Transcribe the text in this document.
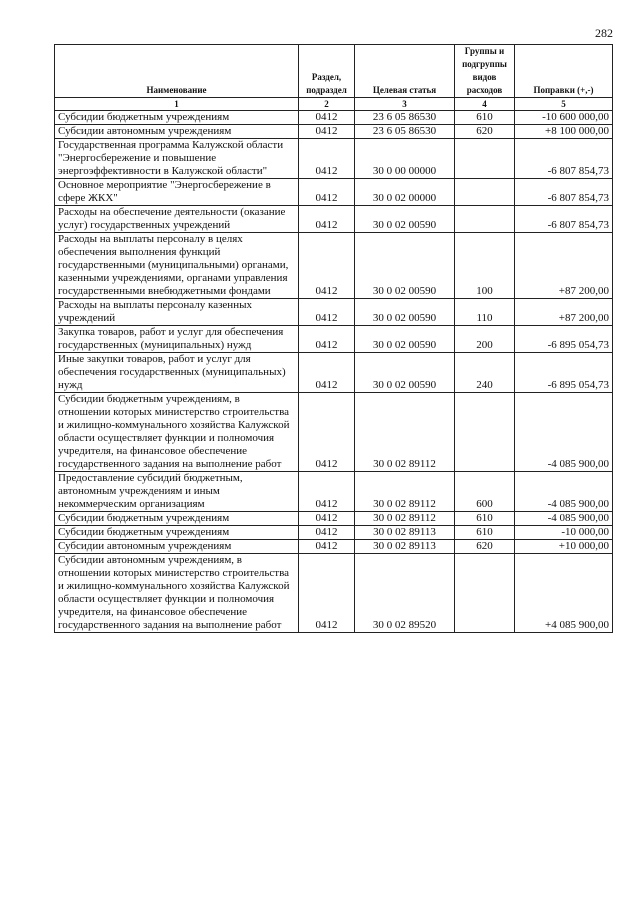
282
Наименование	Раздел, подраздел	Целевая статья	Группы и подгруппы видов расходов	Поправки (+,-)
1	2	3	4	5
Субсидии бюджетным учреждениям	0412	23 6 05 86530	610	-10 600 000,00
Субсидии автономным учреждениям	0412	23 6 05 86530	620	+8 100 000,00
Государственная программа Калужской области "Энергосбережение и повышение энергоэффективности в Калужской области"	0412	30 0 00 00000		-6 807 854,73
Основное мероприятие "Энергосбережение в сфере ЖКХ"	0412	30 0 02 00000		-6 807 854,73
Расходы на обеспечение деятельности (оказание услуг) государственных учреждений	0412	30 0 02 00590		-6 807 854,73
Расходы на выплаты персоналу в целях обеспечения выполнения функций государственными (муниципальными) органами, казенными учреждениями, органами управления государственными внебюджетными фондами	0412	30 0 02 00590	100	+87 200,00
Расходы на выплаты персоналу казенных учреждений	0412	30 0 02 00590	110	+87 200,00
Закупка товаров, работ и услуг для обеспечения государственных (муниципальных) нужд	0412	30 0 02 00590	200	-6 895 054,73
Иные закупки товаров, работ и услуг для обеспечения государственных (муниципальных) нужд	0412	30 0 02 00590	240	-6 895 054,73
Субсидии бюджетным учреждениям, в отношении которых министерство строительства и жилищно-коммунального хозяйства Калужской области осуществляет функции и полномочия учредителя, на финансовое обеспечение государственного задания на выполнение работ	0412	30 0 02 89112		-4 085 900,00
Предоставление субсидий бюджетным, автономным учреждениям и иным некоммерческим организациям	0412	30 0 02 89112	600	-4 085 900,00
Субсидии бюджетным учреждениям	0412	30 0 02 89112	610	-4 085 900,00
Субсидии бюджетным учреждениям	0412	30 0 02 89113	610	-10 000,00
Субсидии автономным учреждениям	0412	30 0 02 89113	620	+10 000,00
Субсидии автономным учреждениям, в отношении которых министерство строительства и жилищно-коммунального хозяйства Калужской области осуществляет функции и полномочия учредителя, на финансовое обеспечение государственного задания на выполнение работ	0412	30 0 02 89520		+4 085 900,00
